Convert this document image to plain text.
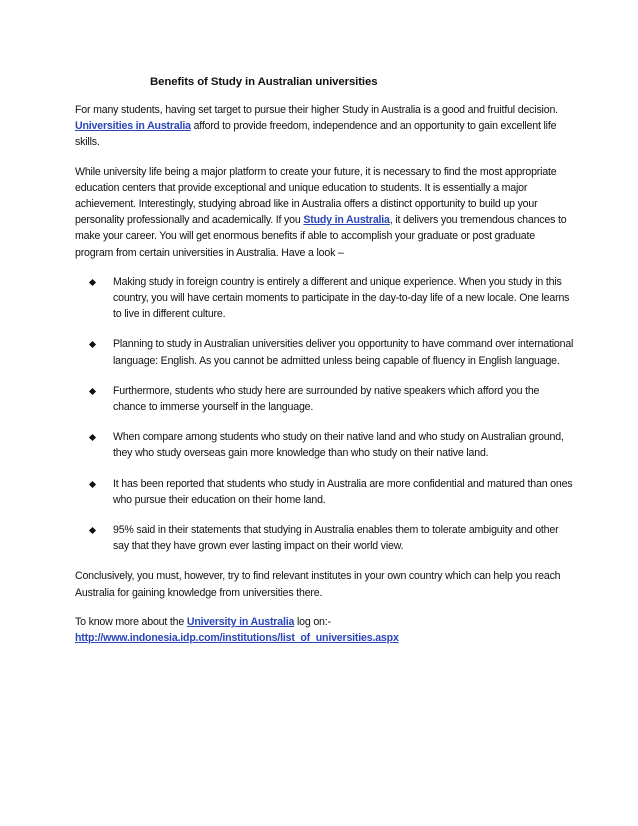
Benefits of Study in Australian universities

For many students, having set target to pursue their higher Study in Australia is a good and fruitful decision. Universities in Australia afford to provide freedom, independence and an opportunity to gain excellent life skills.

While university life being a major platform to create your future, it is necessary to find the most appropriate education centers that provide exceptional and unique education to students. It is essentially a major achievement. Interestingly, studying abroad like in Australia offers a distinct opportunity to build up your personality professionally and academically. If you Study in Australia, it delivers you tremendous chances to make your career. You will get enormous benefits if able to accomplish your graduate or post graduate program from certain universities in Australia. Have a look –

Making study in foreign country is entirely a different and unique experience. When you study in this country, you will have certain moments to participate in the day-to-day life of a new locale. One learns to live in different culture.
Planning to study in Australian universities deliver you opportunity to have command over international language: English. As you cannot be admitted unless being capable of fluency in English language.
Furthermore, students who study here are surrounded by native speakers which afford you the chance to immerse yourself in the language.
When compare among students who study on their native land and who study on Australian ground, they who study overseas gain more knowledge than who study on their native land.
It has been reported that students who study in Australia are more confidential and matured than ones who pursue their education on their home land.
95% said in their statements that studying in Australia enables them to tolerate ambiguity and other say that they have grown ever lasting impact on their world view.

Conclusively, you must, however, try to find relevant institutes in your own country which can help you reach Australia for gaining knowledge from universities there.

To know more about the University in Australia log on:-
http://www.indonesia.idp.com/institutions/list_of_universities.aspx
